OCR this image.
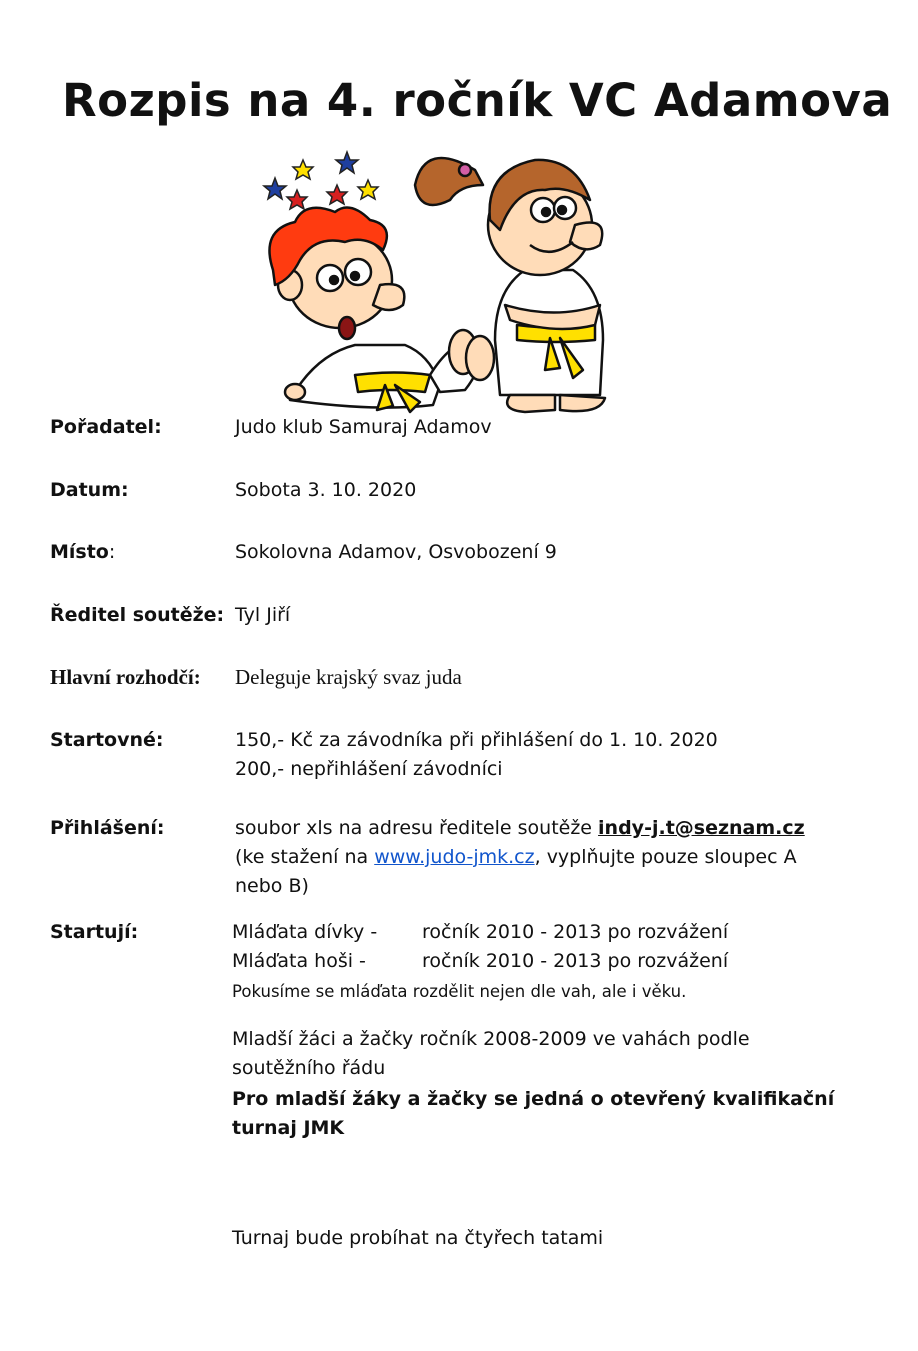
Rozpis na 4. ročník VC Adamova
Pořadatel:	Judo klub Samuraj Adamov
Datum:	Sobota 3. 10. 2020
Místo:	Sokolovna Adamov, Osvobození 9
Ředitel soutěže: Tyl Jiří
Hlavní rozhodčí: Deleguje krajský svaz juda
Startovné:	150,- Kč za závodníka při přihlášení do 1. 10. 2020
200,- nepřihlášení závodníci
Přihlášení:	soubor xls na adresu ředitele soutěže indy-j.t@seznam.cz
(ke stažení na www.judo-jmk.cz, vyplňujte pouze sloupec A
nebo B)
Startují:	Mláďata dívky - ročník 2010 - 2013 po rozvážení
Mláďata hoši -	ročník 2010 - 2013 po rozvážení
Pokusíme se mláďata rozdělit nejen dle vah, ale i věku.
Mladší žáci a žačky ročník 2008-2009 ve vahách podle
soutěžního řádu
Pro mladší žáky a žačky se jedná o otevřený kvalifikační
turnaj JMK
Turnaj bude probíhat na čtyřech tatami
